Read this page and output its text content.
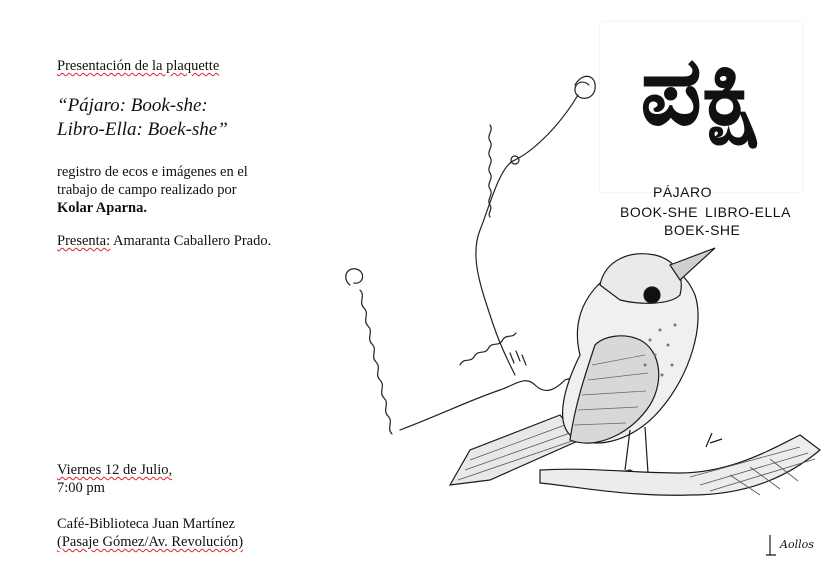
Presentación de la plaquette
“Pájaro: Book-she:
Libro-Ella: Boek-she”
registro de ecos e imágenes en el
trabajo de campo realizado por
Kolar Aparna.
Presenta: Amaranta Caballero Prado.
Viernes 12 de Julio,
7:00 pm
Café-Biblioteca Juan Martínez
(Pasaje Gómez/Av. Revolución)
ಪಕ್ಷಿ
PÁJARO
BOOK-SHE LIBRO-ELLA
BOEK-SHE
Aollos
